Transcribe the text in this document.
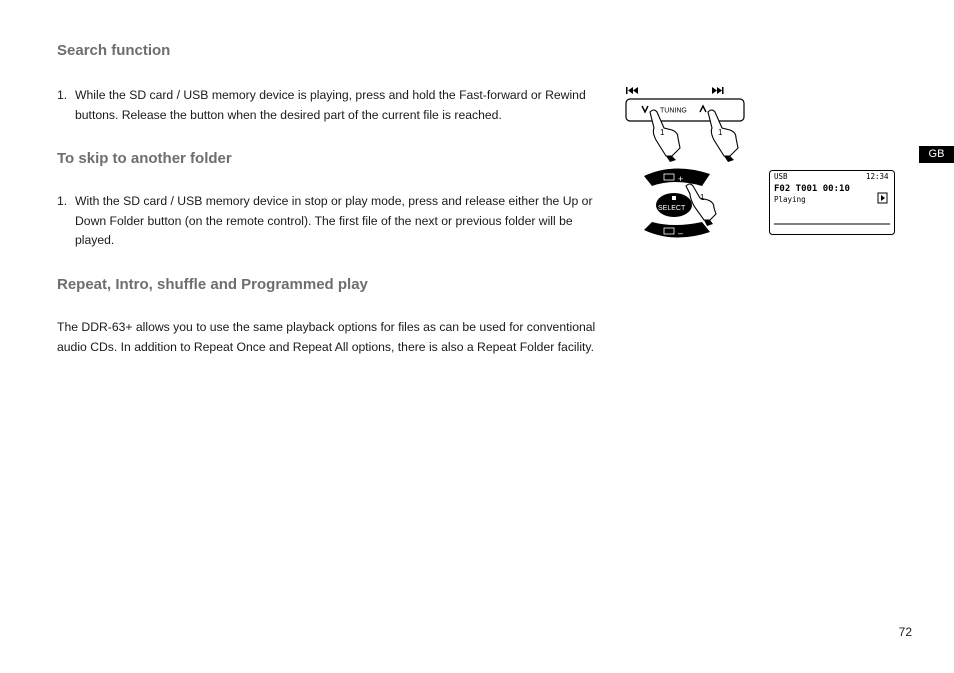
Search function
1. While the SD card / USB memory device is playing, press and hold the Fast-forward or Rewind buttons. Release the button when the desired part of the current file is reached.
To skip to another folder
1. With the SD card / USB memory device in stop or play mode, press and release either the Up or Down Folder button (on the remote control). The first file of the next or previous folder will be played.
Repeat, Intro, shuffle and Programmed play
The DDR-63+ allows you to use the same playback options for files as can be used for conventional audio CDs. In addition to Repeat Once and Repeat All options, there is also a Repeat Folder facility.
TUNING
1	1
+
SELECT
–
1
USB	12:34
F02 T001 00:10
Playing
GB
72
